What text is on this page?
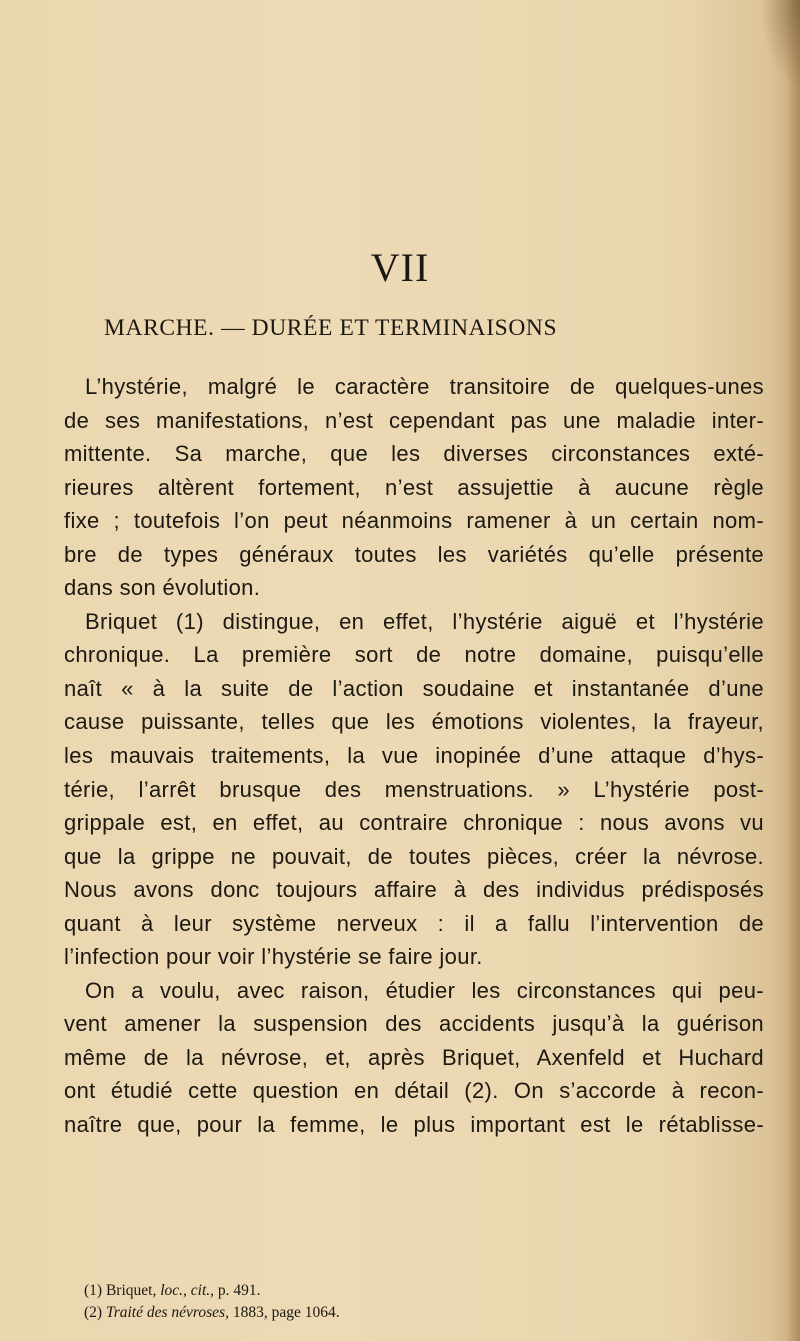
VII
MARCHE. — DURÉE ET TERMINAISONS
L’hystérie, malgré le caractère transitoire de quelques-unes
de ses manifestations, n’est cependant pas une maladie inter-
mittente. Sa marche, que les diverses circonstances exté-
rieures altèrent fortement, n’est assujettie à aucune règle
fixe ; toutefois l’on peut néanmoins ramener à un certain nom-
bre de types généraux toutes les variétés qu’elle présente
dans son évolution.
Briquet (1) distingue, en effet, l’hystérie aiguë et l’hystérie
chronique. La première sort de notre domaine, puisqu’elle
naît « à la suite de l’action soudaine et instantanée d’une
cause puissante, telles que les émotions violentes, la frayeur,
les mauvais traitements, la vue inopinée d’une attaque d’hys-
térie, l’arrêt brusque des menstruations. » L’hystérie post-
grippale est, en effet, au contraire chronique : nous avons vu
que la grippe ne pouvait, de toutes pièces, créer la névrose.
Nous avons donc toujours affaire à des individus prédisposés
quant à leur système nerveux : il a fallu l’intervention de
l’infection pour voir l’hystérie se faire jour.
On a voulu, avec raison, étudier les circonstances qui peu-
vent amener la suspension des accidents jusqu’à la guérison
même de la névrose, et, après Briquet, Axenfeld et Huchard
ont étudié cette question en détail (2). On s’accorde à recon-
naître que, pour la femme, le plus important est le rétablisse-
(1) Briquet, loc., cit., p. 491.
(2) Traité des névroses, 1883, page 1064.
